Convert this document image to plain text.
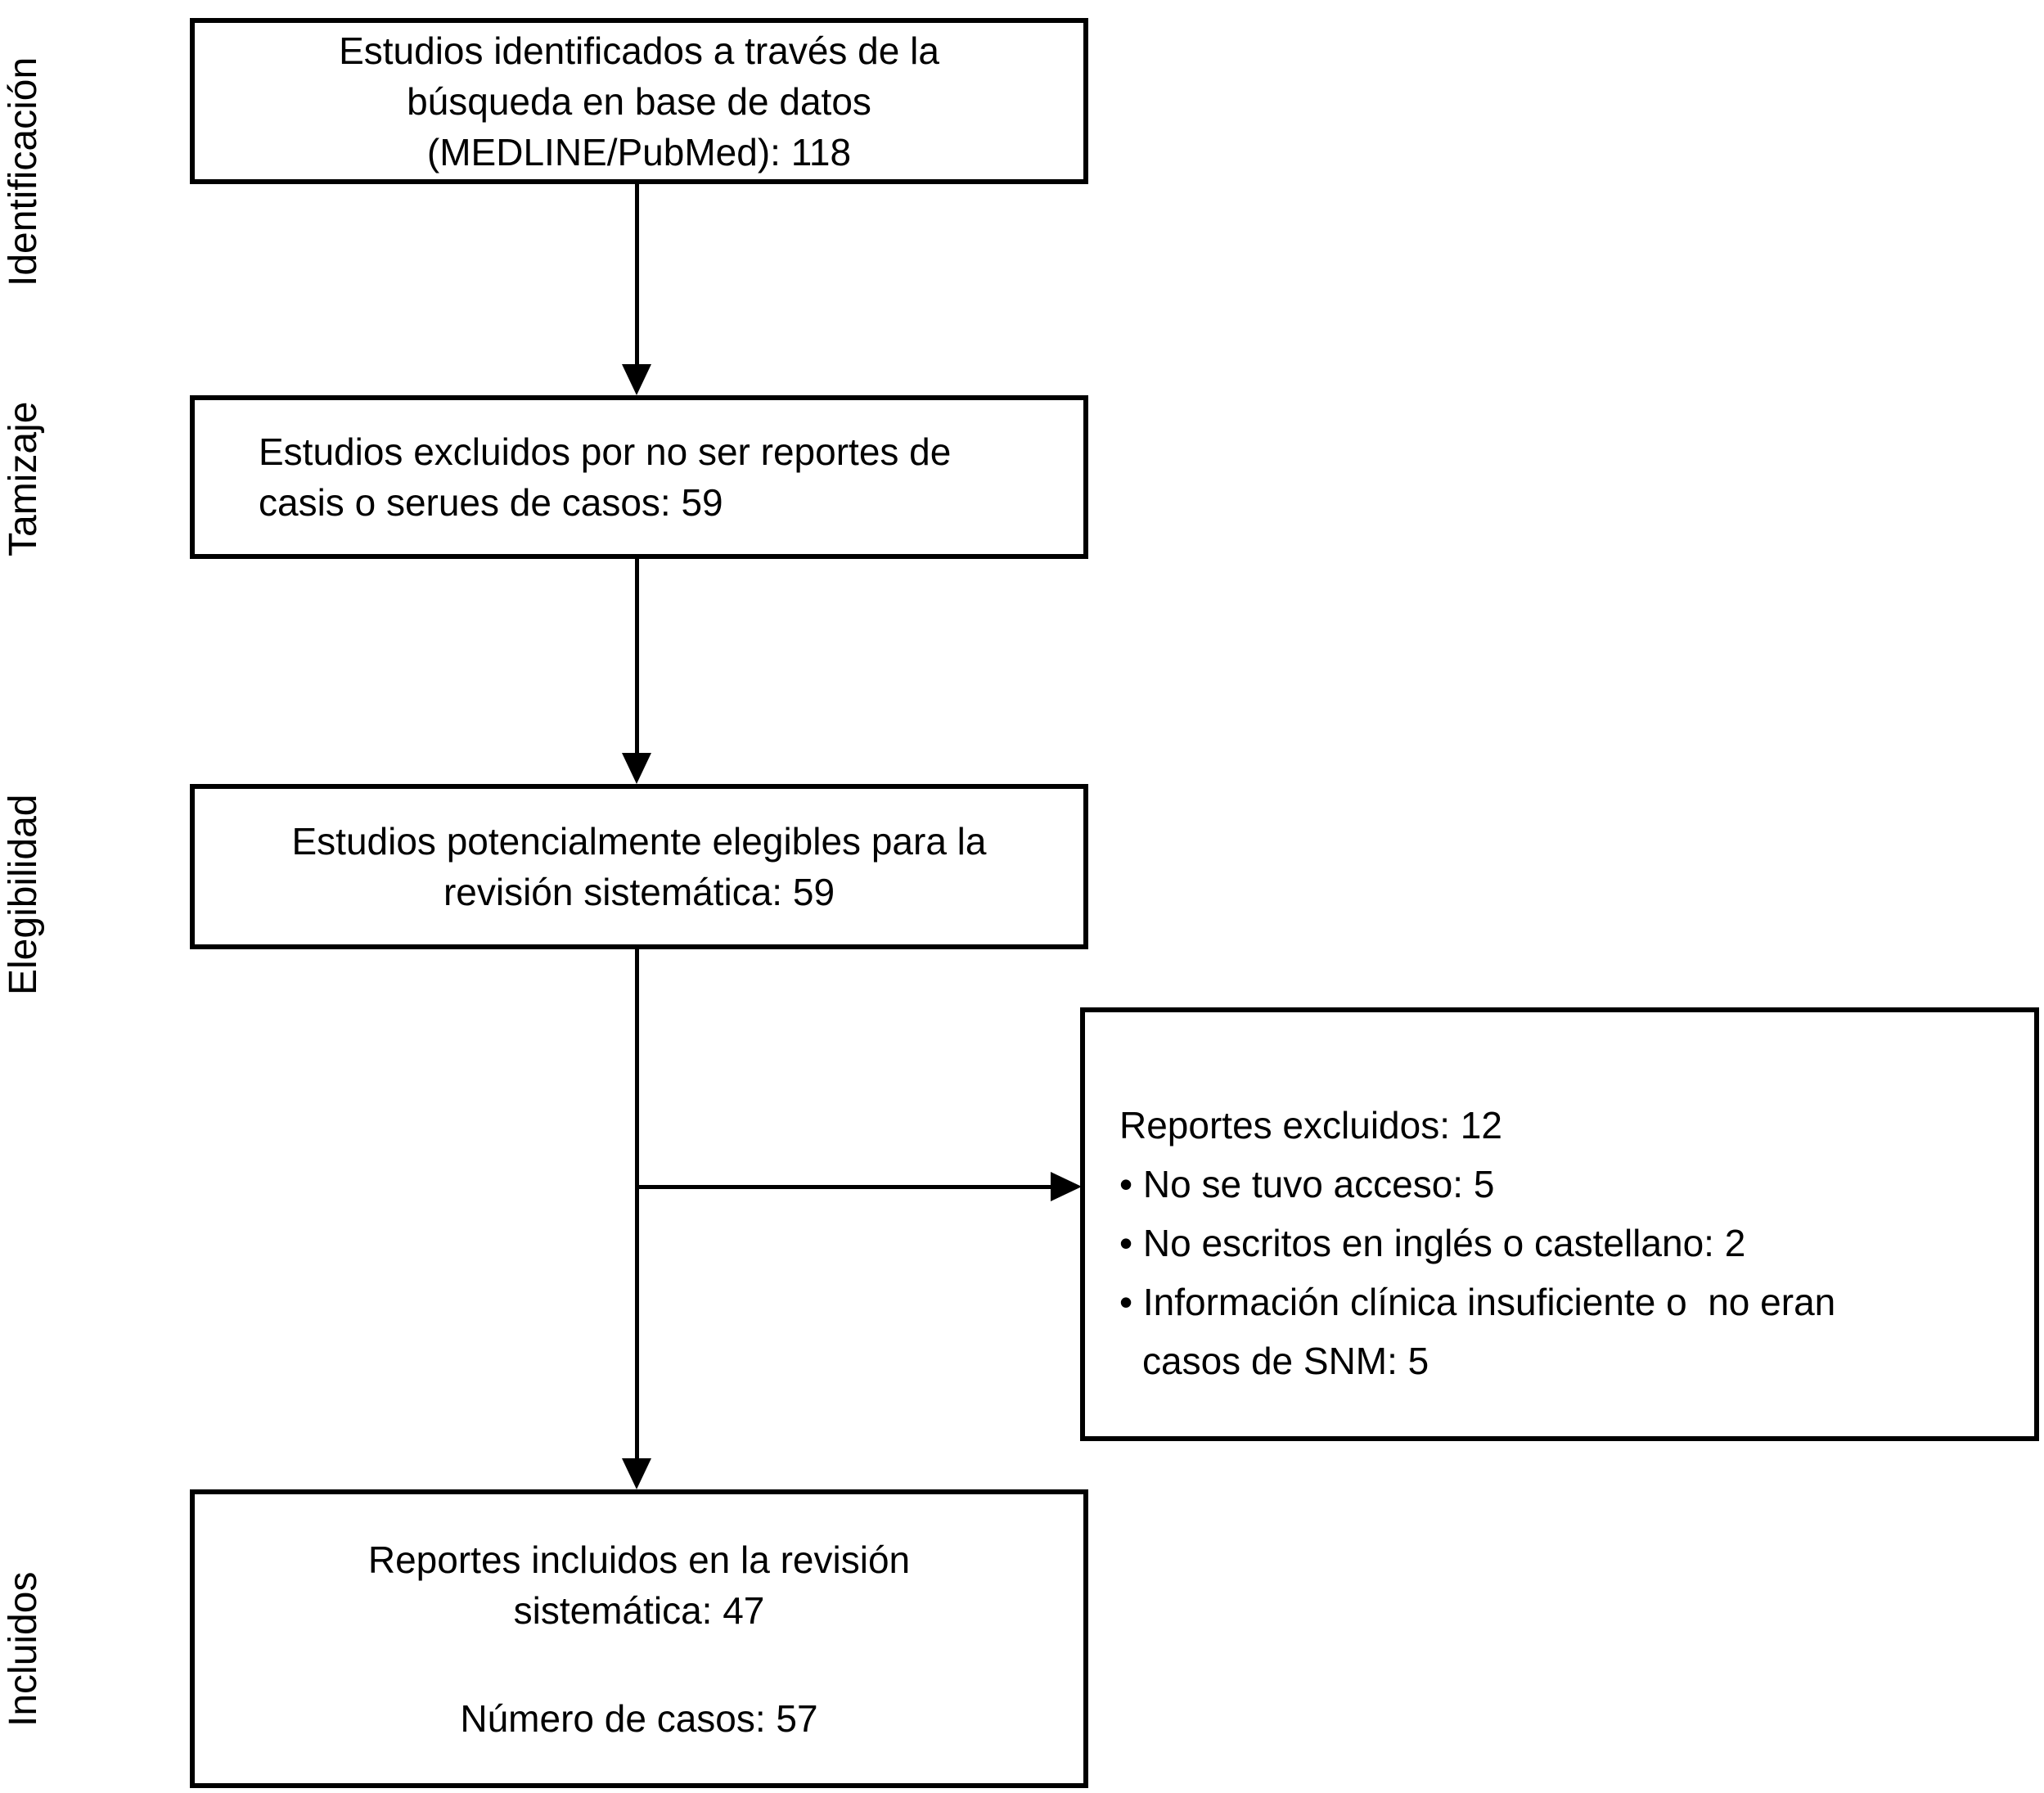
Identificación
Tamizaje
Elegibilidad
Incluidos
Estudios identificados a través de la
búsqueda en base de datos
(MEDLINE/PubMed): 118
Estudios excluidos por no ser reportes de
casis o serues de casos: 59
Estudios potencialmente elegibles para la
revisión sistemática: 59
Reportes excluidos: 12
• No se tuvo acceso: 5
• No escritos en inglés o castellano: 2
• Información clínica insuficiente o  no eran
casos de SNM: 5
Reportes incluidos en la revisión
sistemática: 47
Número de casos: 57
